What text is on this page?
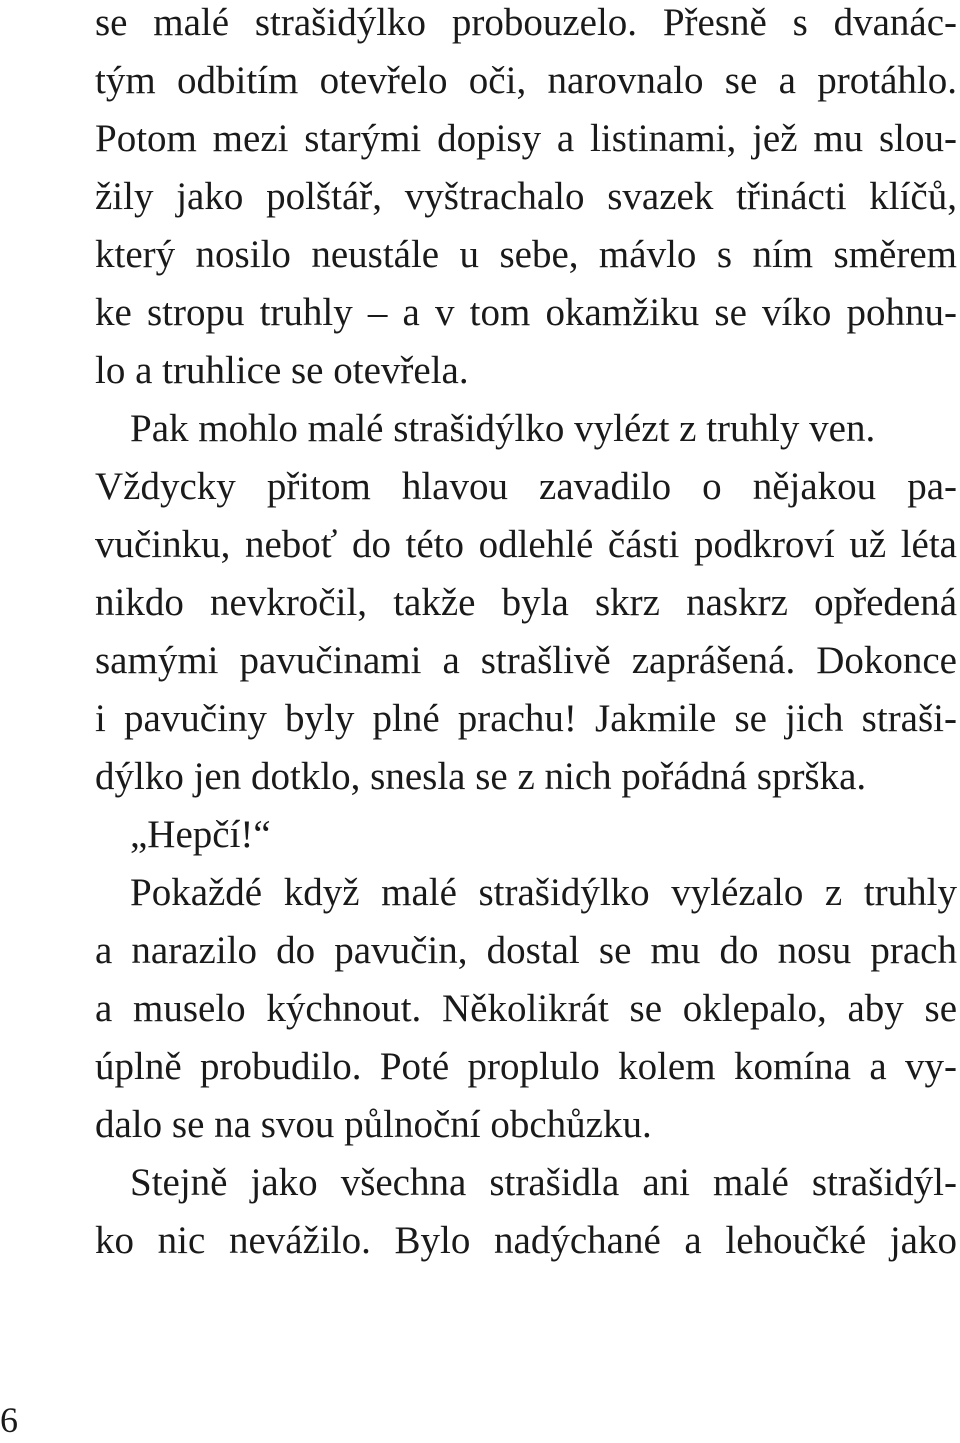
se malé strašidýlko probouzelo. Přesně s dvanác-
tým odbitím otevřelo oči, narovnalo se a protáhlo.
Potom mezi starými dopisy a listinami, jež mu slou-
žily jako polštář, vyštrachalo svazek třinácti klíčů,
který nosilo neustále u sebe, mávlo s ním směrem
ke stropu truhly – a v tom okamžiku se víko pohnu-
lo a truhlice se otevřela.
Pak mohlo malé strašidýlko vylézt z truhly ven.
Vždycky přitom hlavou zavadilo o nějakou pa-
vučinku, neboť do této odlehlé části podkroví už léta
nikdo nevkročil, takže byla skrz naskrz opředená
samými pavučinami a strašlivě zaprášená. Dokonce
i pavučiny byly plné prachu! Jakmile se jich straši-
dýlko jen dotklo, snesla se z nich pořádná sprška.
„Hepčí!“
Pokaždé když malé strašidýlko vylézalo z truhly
a narazilo do pavučin, dostal se mu do nosu prach
a muselo kýchnout. Několikrát se oklepalo, aby se
úplně probudilo. Poté proplulo kolem komína a vy-
dalo se na svou půlnoční obchůzku.
Stejně jako všechna strašidla ani malé strašidýl-
ko nic nevážilo. Bylo nadýchané a lehoučké jako
6
